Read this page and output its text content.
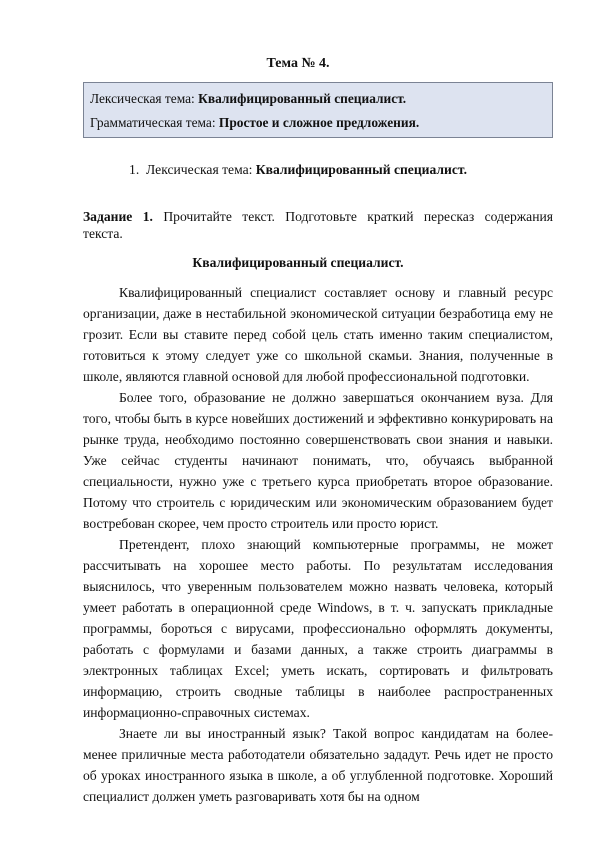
Тема № 4.
Лексическая тема: Квалифицированный специалист.
Грамматическая тема: Простое и сложное предложения.
1. Лексическая тема: Квалифицированный специалист.
Задание 1. Прочитайте текст. Подготовьте краткий пересказ содержания текста.
Квалифицированный специалист.

Квалифицированный специалист составляет основу и главный ресурс организации, даже в нестабильной экономической ситуации безработица ему не грозит. Если вы ставите перед собой цель стать именно таким специалистом, готовиться к этому следует уже со школьной скамьи. Знания, полученные в школе, являются главной основой для любой профессиональной подготовки.

Более того, образование не должно завершаться окончанием вуза. Для того, чтобы быть в курсе новейших достижений и эффективно конкурировать на рынке труда, необходимо постоянно совершенствовать свои знания и навыки. Уже сейчас студенты начинают понимать, что, обучаясь выбранной специальности, нужно уже с третьего курса приобретать второе образование. Потому что строитель с юридическим или экономическим образованием будет востребован скорее, чем просто строитель или просто юрист.

Претендент, плохо знающий компьютерные программы, не может рассчитывать на хорошее место работы. По результатам исследования выяснилось, что уверенным пользователем можно назвать человека, который умеет работать в операционной среде Windows, в т. ч. запускать прикладные программы, бороться с вирусами, профессионально оформлять документы, работать с формулами и базами данных, а также строить диаграммы в электронных таблицах Excel; уметь искать, сортировать и фильтровать информацию, строить сводные таблицы в наиболее распространенных информационно-справочных системах.

Знаете ли вы иностранный язык? Такой вопрос кандидатам на более-менее приличные места работодатели обязательно зададут. Речь идет не просто об уроках иностранного языка в школе, а об углубленной подготовке. Хороший специалист должен уметь разговаривать хотя бы на одном
